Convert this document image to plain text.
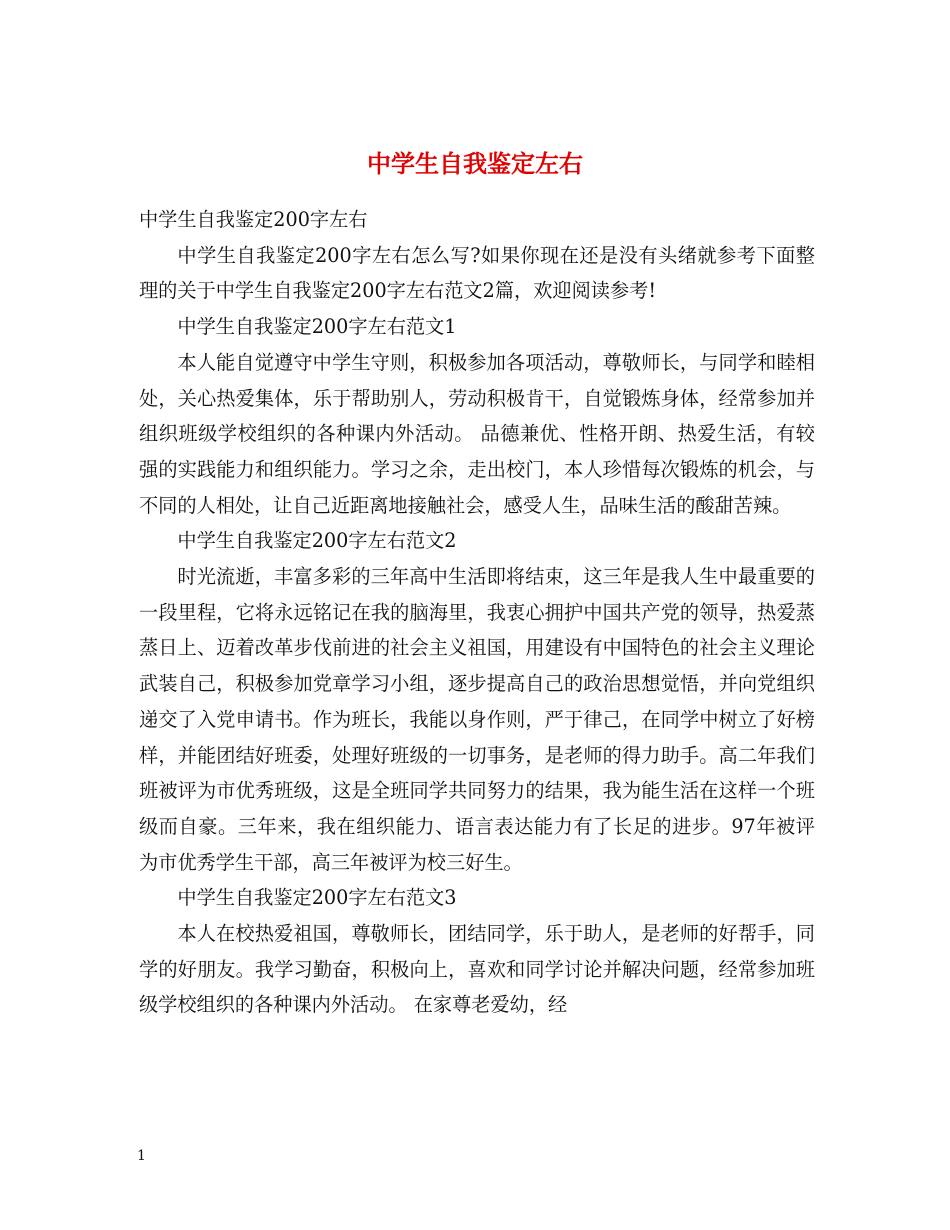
中学生自我鉴定左右

中学生自我鉴定200字左右

中学生自我鉴定200字左右怎么写?如果你现在还是没有头绪就参考下面整理的关于中学生自我鉴定200字左右范文2篇，欢迎阅读参考!

中学生自我鉴定200字左右范文1

本人能自觉遵守中学生守则，积极参加各项活动，尊敬师长，与同学和睦相处，关心热爱集体，乐于帮助别人，劳动积极肯干，自觉锻炼身体，经常参加并组织班级学校组织的各种课内外活动。 品德兼优、性格开朗、热爱生活，有较强的实践能力和组织能力。学习之余，走出校门，本人珍惜每次锻炼的机会，与不同的人相处，让自己近距离地接触社会，感受人生，品味生活的酸甜苦辣。

中学生自我鉴定200字左右范文2

时光流逝，丰富多彩的三年高中生活即将结束，这三年是我人生中最重要的一段里程，它将永远铭记在我的脑海里，我衷心拥护中国共产党的领导，热爱蒸蒸日上、迈着改革步伐前进的社会主义祖国，用建设有中国特色的社会主义理论武装自己，积极参加党章学习小组，逐步提高自己的政治思想觉悟，并向党组织递交了入党申请书。作为班长，我能以身作则，严于律己，在同学中树立了好榜样，并能团结好班委，处理好班级的一切事务，是老师的得力助手。高二年我们班被评为市优秀班级，这是全班同学共同努力的结果，我为能生活在这样一个班级而自豪。三年来，我在组织能力、语言表达能力有了长足的进步。97年被评为市优秀学生干部，高三年被评为校三好生。

中学生自我鉴定200字左右范文3

本人在校热爱祖国，尊敬师长，团结同学，乐于助人，是老师的好帮手，同学的好朋友。我学习勤奋，积极向上，喜欢和同学讨论并解决问题，经常参加班级学校组织的各种课内外活动。 在家尊老爱幼，经

1
